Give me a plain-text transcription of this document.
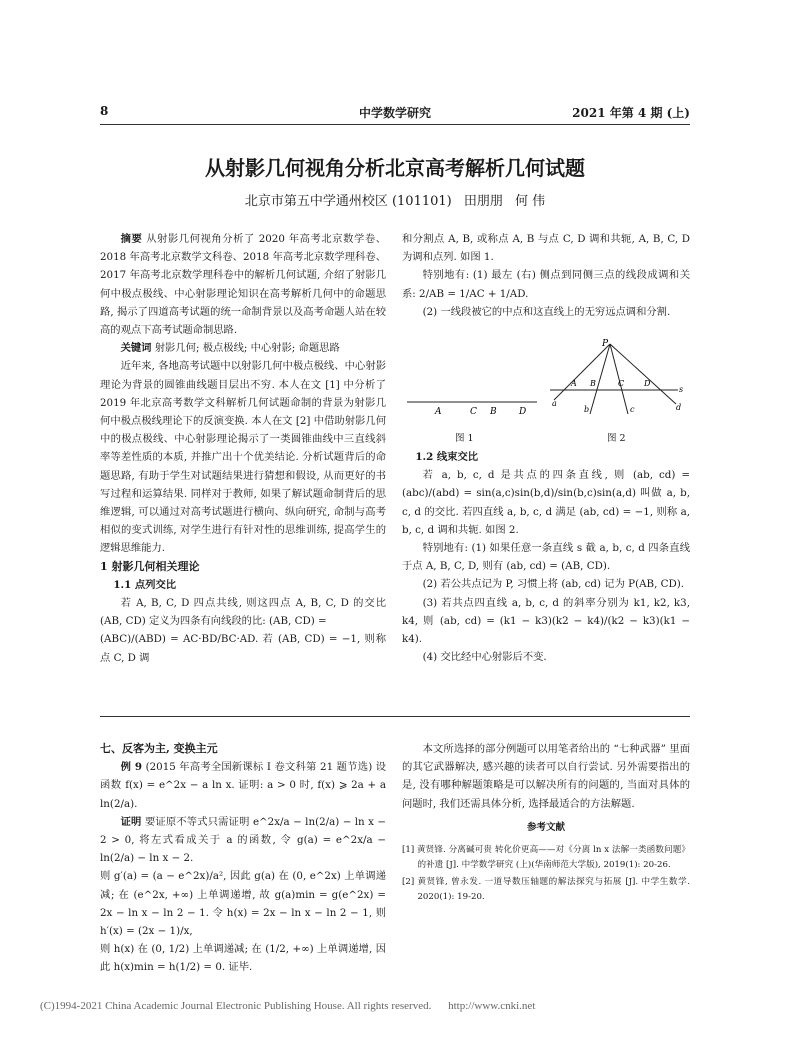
8	中学数学研究	2021 年第 4 期 (上)
从射影几何视角分析北京高考解析几何试题
北京市第五中学通州校区 (101101) 田朋朋 何 伟

摘要 从射影几何视角分析了 2020 年高考北京数学卷、2018 年高考北京数学文科卷、2018 年高考北京数学理科卷、2017 年高考北京数学理科卷中的解析几何试题, 介绍了射影几何中极点极线、中心射影理论知识在高考解析几何中的命题思路, 揭示了四道高考试题的统一命制背景以及高考命题人站在较高的观点下高考试题命制思路.

关键词 射影几何; 极点极线; 中心射影; 命题思路

近年来, 各地高考试题中以射影几何中极点极线、中心射影理论为背景的圆锥曲线题目层出不穷. 本人在文 [1] 中分析了 2019 年北京高考数学文科解析几何试题命制的背景为射影几何中极点极线理论下的反演变换. 本人在文 [2] 中借助射影几何中的极点极线、中心射影理论揭示了一类圆锥曲线中三直线斜率等差性质的本质, 并推广出十个优美结论. 分析试题背后的命题思路, 有助于学生对试题结果进行猜想和假设, 从而更好的书写过程和运算结果. 同样对于教师, 如果了解试题命制背后的思维逻辑, 可以通过对高考试题进行横向、纵向研究, 命制与高考相似的变式训练, 对学生进行有针对性的思维训练, 提高学生的逻辑思维能力.

1 射影几何相关理论

1.1 点列交比

若 A, B, C, D 四点共线, 则这四点 A, B, C, D 的交比 (AB, CD) 定义为四条有向线段的比: (AB, CD) =

(ABC)/(ABD) = AC·BD/BC·AD. 若 (AB, CD) = −1, 则称点 C, D 调

和分割点 A, B, 或称点 A, B 与点 C, D 调和共轭, A, B, C, D 为调和点列. 如图 1.

特别地有: (1) 最左 (右) 侧点到同侧三点的线段成调和关系: 2/AB = 1/AC + 1/AD.

(2) 一线段被它的中点和这直线上的无穷远点调和分割.

A	C B D
图 1
P
A B	C D
s
a
b	c	d
图 2

1.2 线束交比

若 a, b, c, d 是共点的四条直线, 则 (ab, cd) = (abc)/(abd) = sin(a,c)sin(b,d)/sin(b,c)sin(a,d) 叫做 a, b, c, d 的交比. 若四直线 a, b, c, d 满足 (ab, cd) = −1, 则称 a, b, c, d 调和共轭. 如图 2.

特别地有: (1) 如果任意一条直线 s 截 a, b, c, d 四条直线于点 A, B, C, D, 则有 (ab, cd) = (AB, CD).

(2) 若公共点记为 P, 习惯上将 (ab, cd) 记为 P(AB, CD).

(3) 若共点四直线 a, b, c, d 的斜率分别为 k1, k2, k3, k4, 则 (ab, cd) = (k1 − k3)(k2 − k4)/(k2 − k3)(k1 − k4).

(4) 交比经中心射影后不变.

七、反客为主, 变换主元

例 9 (2015 年高考全国新课标 I 卷文科第 21 题节选) 设函数 f(x) = e^2x − a ln x. 证明: a > 0 时, f(x) ⩾ 2a + a ln(2/a).

证明 要证原不等式只需证明 e^2x/a − ln(2/a) − ln x − 2 > 0, 将左式看成关于 a 的函数, 令 g(a) = e^2x/a − ln(2/a) − ln x − 2.

则 g′(a) = (a − e^2x)/a², 因此 g(a) 在 (0, e^2x) 上单调递减; 在 (e^2x, +∞) 上单调递增, 故 g(a)min = g(e^2x) = 2x − ln x − ln 2 − 1. 令 h(x) = 2x − ln x − ln 2 − 1, 则 h′(x) = (2x − 1)/x,

则 h(x) 在 (0, 1/2) 上单调递减; 在 (1/2, +∞) 上单调递增, 因此 h(x)min = h(1/2) = 0. 证毕.

本文所选择的部分例题可以用笔者给出的 “七种武器” 里面的其它武器解决, 感兴趣的读者可以自行尝试. 另外需要指出的是, 没有哪种解题策略是可以解决所有的问题的, 当面对具体的问题时, 我们还需具体分析, 选择最适合的方法解题.

参考文献
[1] 黄贤锋. 分离碱可贵 转化价更高——对《分离 ln x 法解一类函数问题》的补遗 [J]. 中学数学研究 (上)(华南师范大学版), 2019(1): 20-26.
[2] 黄贤锋, 曾永发. 一道导数压轴题的解法探究与拓展 [J]. 中学生数学. 2020(1): 19-20.
(C)1994-2021 China Academic Journal Electronic Publishing House. All rights reserved. http://www.cnki.net
